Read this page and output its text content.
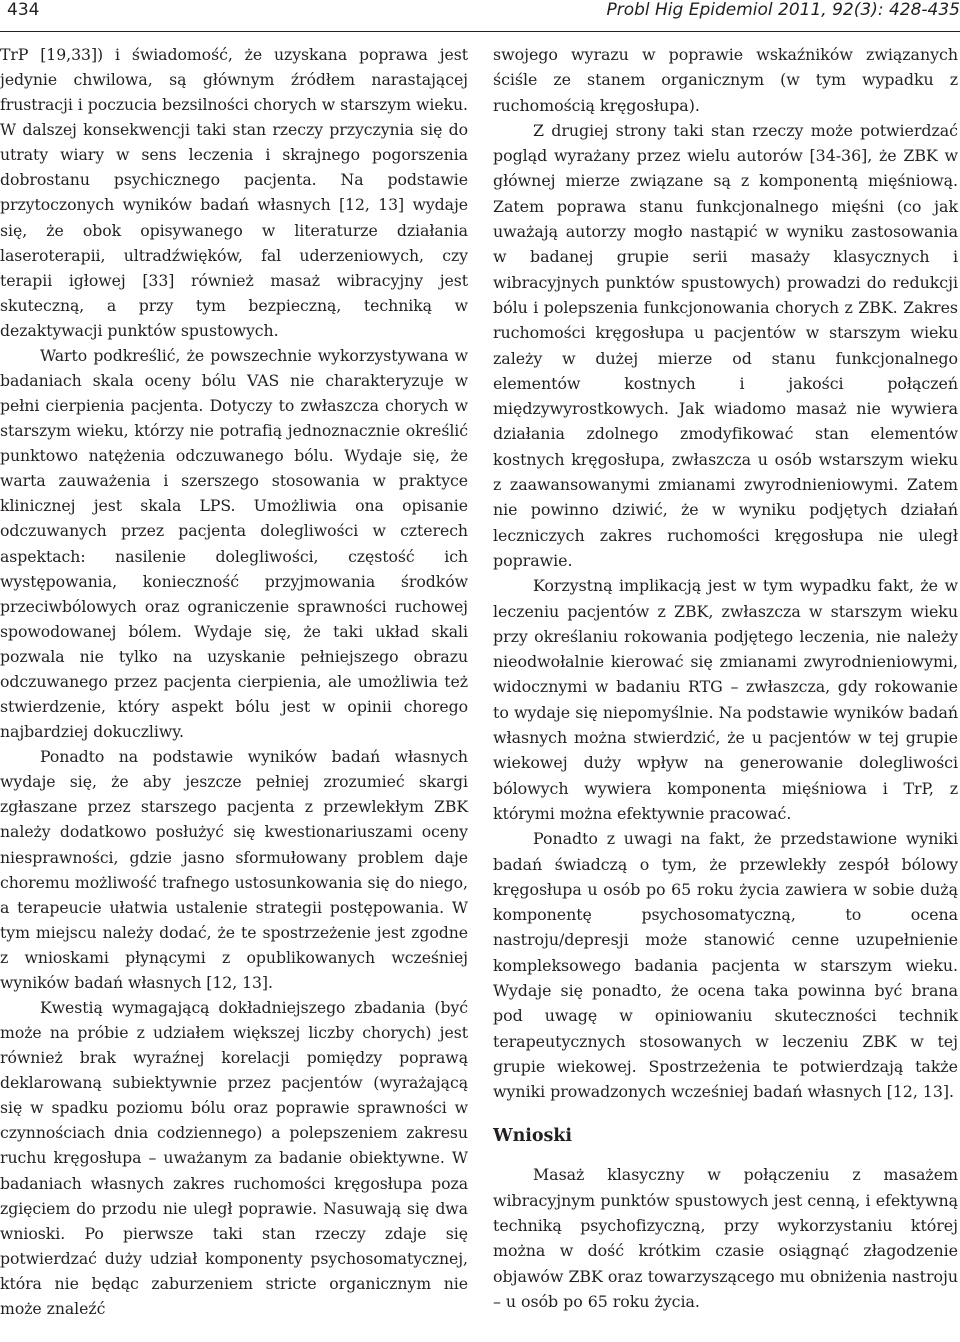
434	Probl Hig Epidemiol 2011, 92(3): 428-435

TrP [19,33]) i świadomość, że uzyskana poprawa jest jedynie chwilowa, są głównym źródłem narastającej frustracji i poczucia bezsilności chorych w starszym wieku. W dalszej konsekwencji taki stan rzeczy przyczynia się do utraty wiary w sens leczenia i skrajnego pogorszenia dobrostanu psychicznego pacjenta. Na podstawie przytoczonych wyników badań własnych [12, 13] wydaje się, że obok opisywanego w literaturze działania laseroterapii, ultradźwięków, fal uderzeniowych, czy terapii igłowej [33] również masaż wibracyjny jest skuteczną, a przy tym bezpieczną, techniką w dezaktywacji punktów spustowych.

Warto podkreślić, że powszechnie wykorzystywana w badaniach skala oceny bólu VAS nie charakteryzuje w pełni cierpienia pacjenta. Dotyczy to zwłaszcza chorych w starszym wieku, którzy nie potrafią jednoznacznie określić punktowo natężenia odczuwanego bólu. Wydaje się, że warta zauważenia i szerszego stosowania w praktyce klinicznej jest skala LPS. Umożliwia ona opisanie odczuwanych przez pacjenta dolegliwości w czterech aspektach: nasilenie dolegliwości, częstość ich występowania, konieczność przyjmowania środków przeciwbólowych oraz ograniczenie sprawności ruchowej spowodowanej bólem. Wydaje się, że taki układ skali pozwala nie tylko na uzyskanie pełniejszego obrazu odczuwanego przez pacjenta cierpienia, ale umożliwia też stwierdzenie, który aspekt bólu jest w opinii chorego najbardziej dokuczliwy.

Ponadto na podstawie wyników badań własnych wydaje się, że aby jeszcze pełniej zrozumieć skargi zgłaszane przez starszego pacjenta z przewlekłym ZBK należy dodatkowo posłużyć się kwestionariuszami oceny niesprawności, gdzie jasno sformułowany problem daje choremu możliwość trafnego ustosunkowania się do niego, a terapeucie ułatwia ustalenie strategii postępowania. W tym miejscu należy dodać, że te spostrzeżenie jest zgodne z wnioskami płynącymi z opublikowanych wcześniej wyników badań własnych [12, 13].

Kwestią wymagającą dokładniejszego zbadania (być może na próbie z udziałem większej liczby chorych) jest również brak wyraźnej korelacji pomiędzy poprawą deklarowaną subiektywnie przez pacjentów (wyrażającą się w spadku poziomu bólu oraz poprawie sprawności w czynnościach dnia codziennego) a polepszeniem zakresu ruchu kręgosłupa – uważanym za badanie obiektywne. W badaniach własnych zakres ruchomości kręgosłupa poza zgięciem do przodu nie uległ poprawie. Nasuwają się dwa wnioski. Po pierwsze taki stan rzeczy zdaje się potwierdzać duży udział komponenty psychosomatycznej, która nie będąc zaburzeniem stricte organicznym nie może znaleźć

swojego wyrazu w poprawie wskaźników związanych ściśle ze stanem organicznym (w tym wypadku z ruchomością kręgosłupa).

Z drugiej strony taki stan rzeczy może potwierdzać pogląd wyrażany przez wielu autorów [34-36], że ZBK w głównej mierze związane są z komponentą mięśniową. Zatem poprawa stanu funkcjonalnego mięśni (co jak uważają autorzy mogło nastąpić w wyniku zastosowania w badanej grupie serii masaży klasycznych i wibracyjnych punktów spustowych) prowadzi do redukcji bólu i polepszenia funkcjonowania chorych z ZBK. Zakres ruchomości kręgosłupa u pacjentów w starszym wieku zależy w dużej mierze od stanu funkcjonalnego elementów kostnych i jakości połączeń międzywyrostkowych. Jak wiadomo masaż nie wywiera działania zdolnego zmodyfikować stan elementów kostnych kręgosłupa, zwłaszcza u osób wstarszym wieku z zaawansowanymi zmianami zwyrodnieniowymi. Zatem nie powinno dziwić, że w wyniku podjętych działań leczniczych zakres ruchomości kręgosłupa nie uległ poprawie.

Korzystną implikacją jest w tym wypadku fakt, że w leczeniu pacjentów z ZBK, zwłaszcza w starszym wieku przy określaniu rokowania podjętego leczenia, nie należy nieodwołalnie kierować się zmianami zwyrodnieniowymi, widocznymi w badaniu RTG – zwłaszcza, gdy rokowanie to wydaje się niepomyślnie. Na podstawie wyników badań własnych można stwierdzić, że u pacjentów w tej grupie wiekowej duży wpływ na generowanie dolegliwości bólowych wywiera komponenta mięśniowa i TrP, z którymi można efektywnie pracować.

Ponadto z uwagi na fakt, że przedstawione wyniki badań świadczą o tym, że przewlekły zespół bólowy kręgosłupa u osób po 65 roku życia zawiera w sobie dużą komponentę psychosomatyczną, to ocena nastroju/depresji może stanowić cenne uzupełnienie kompleksowego badania pacjenta w starszym wieku. Wydaje się ponadto, że ocena taka powinna być brana pod uwagę w opiniowaniu skuteczności technik terapeutycznych stosowanych w leczeniu ZBK w tej grupie wiekowej. Spostrzeżenia te potwierdzają także wyniki prowadzonych wcześniej badań własnych [12, 13].

Wnioski

Masaż klasyczny w połączeniu z masażem wibracyjnym punktów spustowych jest cenną, i efektywną techniką psychofizyczną, przy wykorzystaniu której można w dość krótkim czasie osiągnąć złagodzenie objawów ZBK oraz towarzyszącego mu obniżenia nastroju – u osób po 65 roku życia.
